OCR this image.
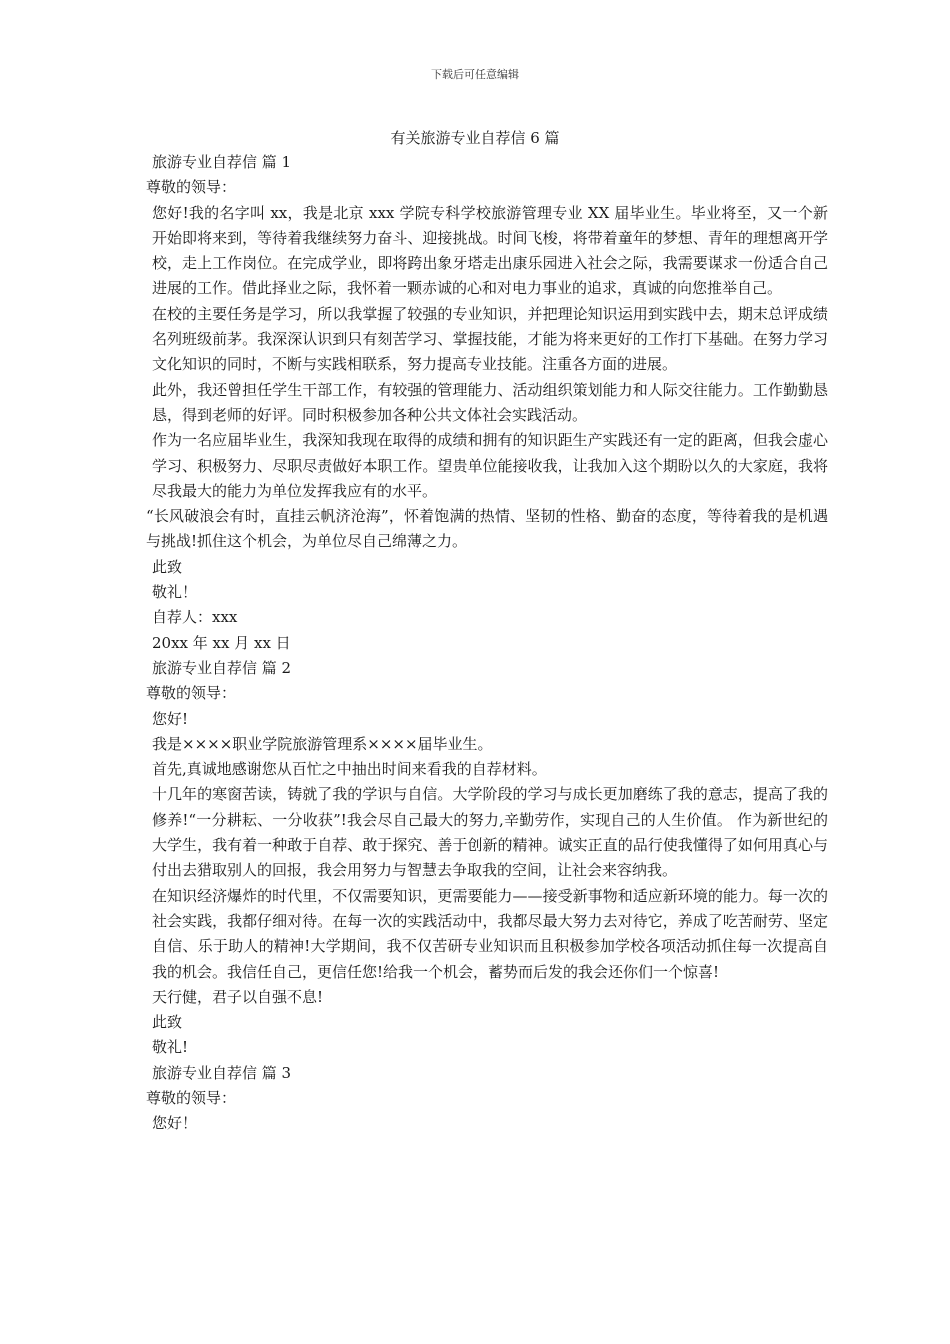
下载后可任意编辑
有关旅游专业自荐信 6 篇
旅游专业自荐信 篇 1
尊敬的领导：
您好!我的名字叫 xx，我是北京 xxx 学院专科学校旅游管理专业 XX 届毕业生。毕业将至，又一个新开始即将来到，等待着我继续努力奋斗、迎接挑战。时间飞梭，将带着童年的梦想、青年的理想离开学校，走上工作岗位。在完成学业，即将跨出象牙塔走出康乐园进入社会之际，我需要谋求一份适合自己进展的工作。借此择业之际，我怀着一颗赤诚的心和对电力事业的追求，真诚的向您推举自己。
在校的主要任务是学习，所以我掌握了较强的专业知识，并把理论知识运用到实践中去，期末总评成绩名列班级前茅。我深深认识到只有刻苦学习、掌握技能，才能为将来更好的工作打下基础。在努力学习文化知识的同时，不断与实践相联系，努力提高专业技能。注重各方面的进展。
此外，我还曾担任学生干部工作，有较强的管理能力、活动组织策划能力和人际交往能力。工作勤勤恳恳，得到老师的好评。同时积极参加各种公共文体社会实践活动。
作为一名应届毕业生，我深知我现在取得的成绩和拥有的知识距生产实践还有一定的距离，但我会虚心学习、积极努力、尽职尽责做好本职工作。望贵单位能接收我，让我加入这个期盼以久的大家庭，我将尽我最大的能力为单位发挥我应有的水平。
“长风破浪会有时，直挂云帆济沧海”，怀着饱满的热情、坚韧的性格、勤奋的态度，等待着我的是机遇与挑战!抓住这个机会，为单位尽自己绵薄之力。
此致
敬礼！
自荐人：xxx
20xx 年 xx 月 xx 日
旅游专业自荐信 篇 2
尊敬的领导：
您好!
我是××××职业学院旅游管理系××××届毕业生。
首先,真诚地感谢您从百忙之中抽出时间来看我的自荐材料。
十几年的寒窗苦读，铸就了我的学识与自信。大学阶段的学习与成长更加磨练了我的意志，提高了我的修养!“一分耕耘、一分收获”!我会尽自己最大的努力,辛勤劳作，实现自己的人生价值。 作为新世纪的大学生，我有着一种敢于自荐、敢于探究、善于创新的精神。诚实正直的品行使我懂得了如何用真心与付出去猎取别人的回报，我会用努力与智慧去争取我的空间，让社会来容纳我。
在知识经济爆炸的时代里，不仅需要知识，更需要能力——接受新事物和适应新环境的能力。每一次的社会实践，我都仔细对待。在每一次的实践活动中，我都尽最大努力去对待它，养成了吃苦耐劳、坚定自信、乐于助人的精神!大学期间，我不仅苦研专业知识而且积极参加学校各项活动抓住每一次提高自我的机会。我信任自己，更信任您!给我一个机会，蓄势而后发的我会还你们一个惊喜!
天行健，君子以自强不息!
此致
敬礼!
旅游专业自荐信 篇 3
尊敬的领导：
您好！
